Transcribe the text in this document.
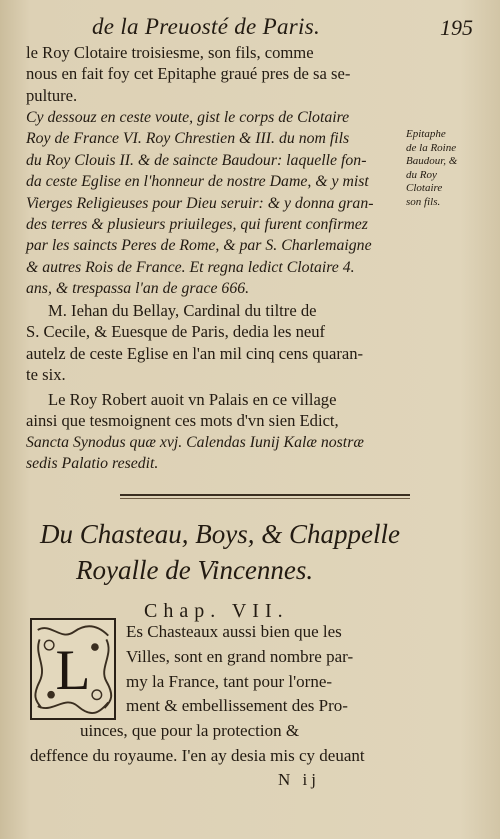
de la Preuosté de Paris.	195
le Roy Clotaire troisiesme, son fils, comme
nous en fait foy cet Epitaphe graué pres de sa se-
pulture.
Cy dessouz en ceste voute, gist le corps de Clotaire
Roy de France VI. Roy Chrestien & III. du nom fils
du Roy Clouis II. & de saincte Baudour: laquelle fon-
da ceste Eglise en l'honneur de nostre Dame, & y mist
Vierges Religieuses pour Dieu seruir: & y donna gran-
des terres & plusieurs priuileges, qui furent confirmez
par les saincts Peres de Rome, & par S. Charlemaigne
& autres Rois de France. Et regna ledict Clotaire 4.
ans, & trespassa l'an de grace 666.
Epitaphe
de la Roine
Baudour, &
du Roy
Clotaire
son fils.
M. Iehan du Bellay, Cardinal du tiltre de
S. Cecile, & Euesque de Paris, dedia les neuf
autelz de ceste Eglise en l'an mil cinq cens quaran-
te six.
Le Roy Robert auoit vn Palais en ce village
ainsi que tesmoignent ces mots d'vn sien Edict,
Sancta Synodus quæ xvj. Calendas Iunij Kalæ nostræ
sedis Palatio resedit.
Du Chasteau, Boys, & Chappelle
Royalle de Vincennes.
Chap. VII.
L
Es Chasteaux aussi bien que les
Villes, sont en grand nombre par-
my la France, tant pour l'orne-
ment & embellissement des Pro-
uinces, que pour la protection &
deffence du royaume. I'en ay desia mis cy deuant
N ij
